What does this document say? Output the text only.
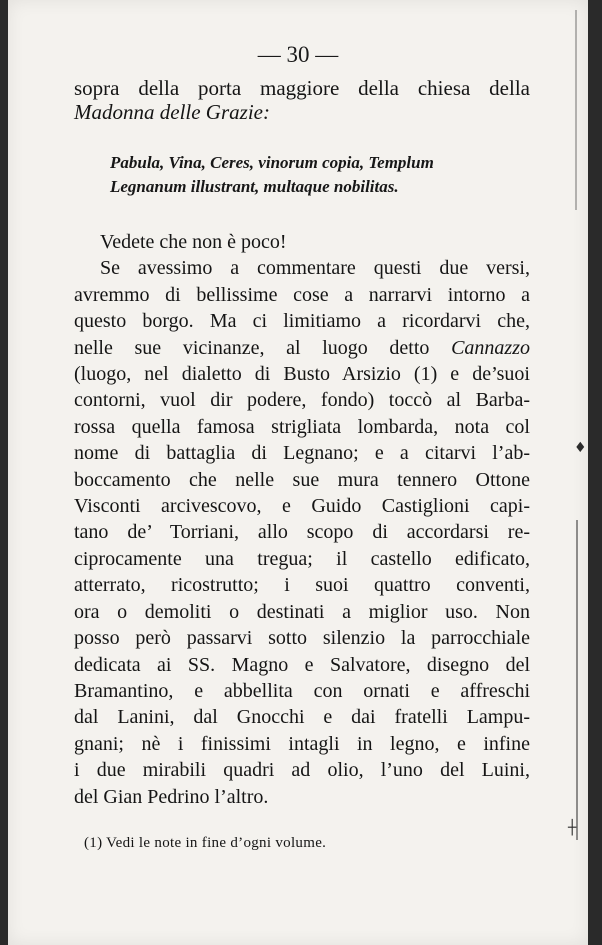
♦
┼
— 30 —
sopra della porta maggiore della chiesa della
Madonna delle Grazie:
Pabula, Vina, Ceres, vinorum copia, Templum
Legnanum illustrant, multaque nobilitas.
Vedete che non è poco!
Se avessimo a commentare questi due versi,
avremmo di bellissime cose a narrarvi intorno a
questo borgo. Ma ci limitiamo a ricordarvi che,
nelle sue vicinanze, al luogo detto Cannazzo
(luogo, nel dialetto di Busto Arsizio (1) e de’suoi
contorni, vuol dir podere, fondo) toccò al Barba-
rossa quella famosa strigliata lombarda, nota col
nome di battaglia di Legnano; e a citarvi l’ab-
boccamento che nelle sue mura tennero Ottone
Visconti arcivescovo, e Guido Castiglioni capi-
tano de’ Torriani, allo scopo di accordarsi re-
ciprocamente una tregua; il castello edificato,
atterrato, ricostrutto; i suoi quattro conventi,
ora o demoliti o destinati a miglior uso. Non
posso però passarvi sotto silenzio la parrocchiale
dedicata ai SS. Magno e Salvatore, disegno del
Bramantino, e abbellita con ornati e affreschi
dal Lanini, dal Gnocchi e dai fratelli Lampu-
gnani; nè i finissimi intagli in legno, e infine
i due mirabili quadri ad olio, l’uno del Luini,
del Gian Pedrino l’altro.
(1) Vedi le note in fine d’ogni volume.
